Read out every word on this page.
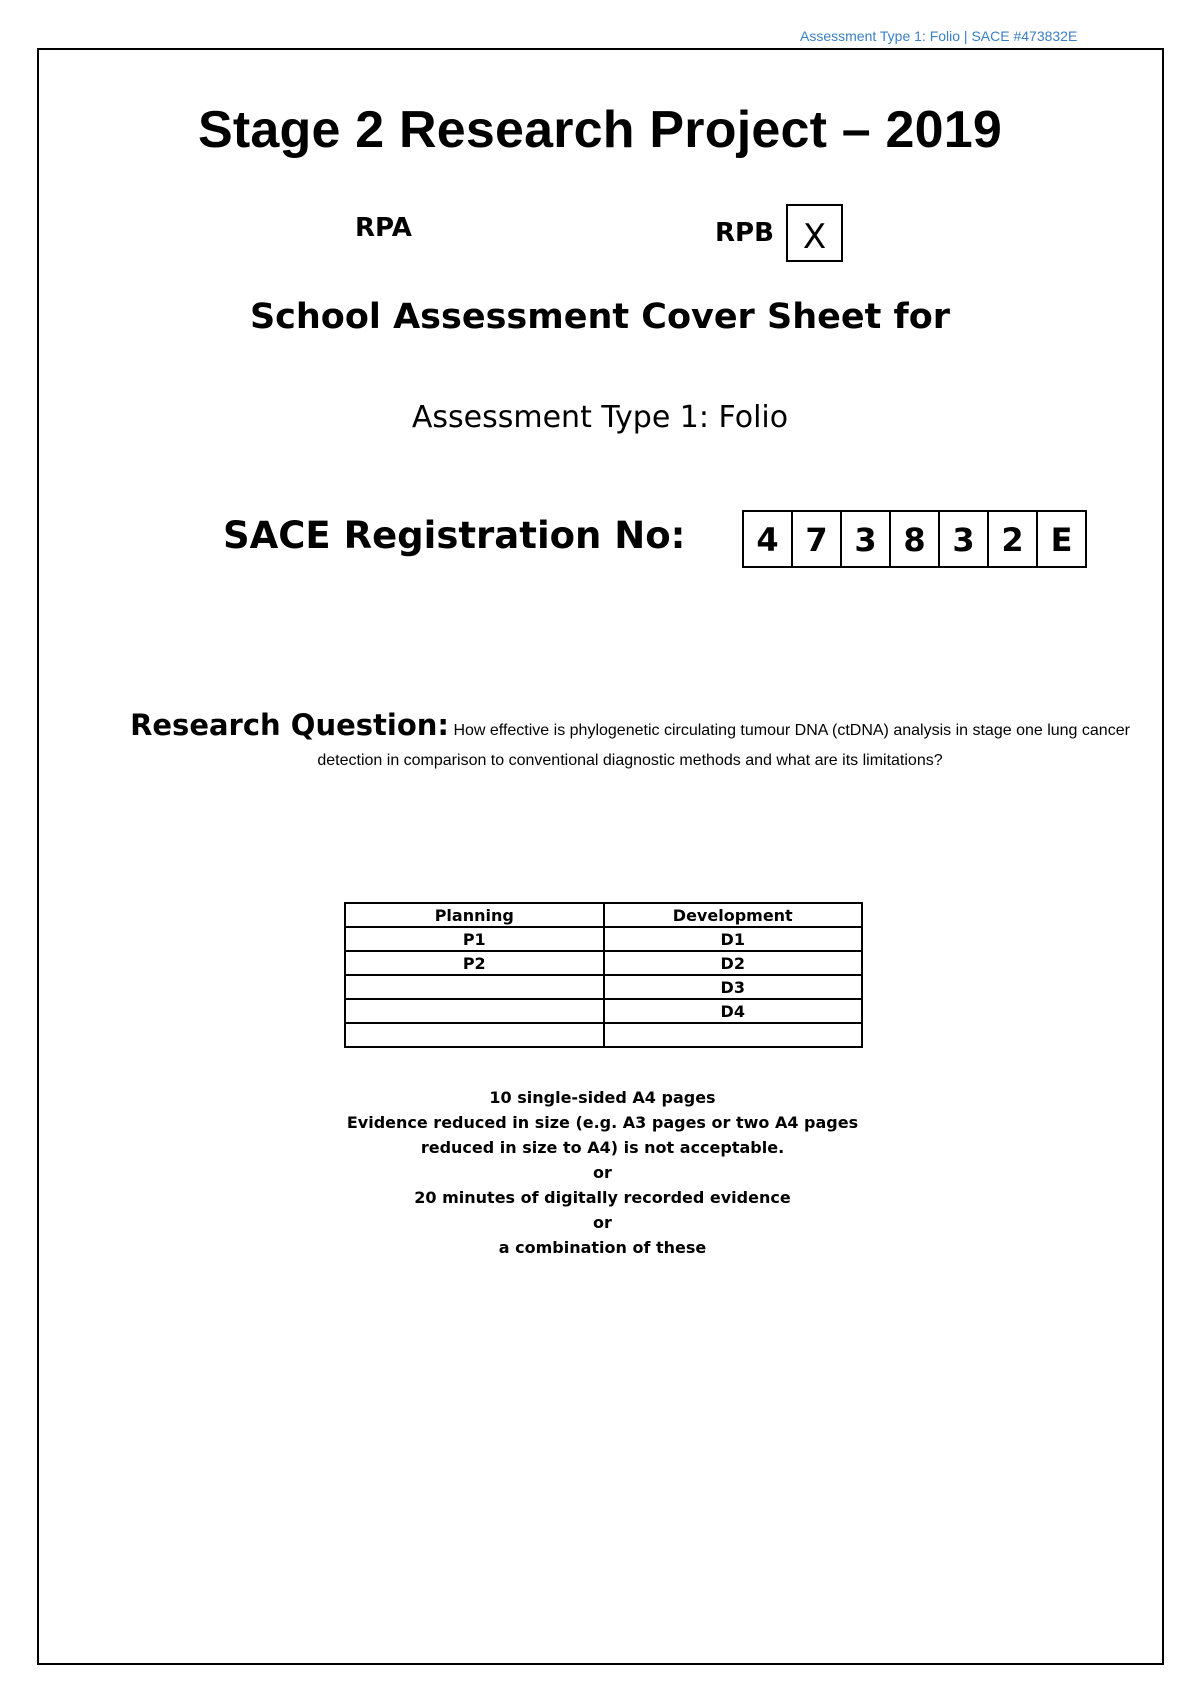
Assessment Type 1: Folio | SACE #473832E
Stage 2 Research Project – 2019
RPA	RPB X
School Assessment Cover Sheet for
Assessment Type 1: Folio
SACE Registration No:	4 7 3 8 3 2 E
Research Question: How effective is phylogenetic circulating tumour DNA (ctDNA) analysis in stage one lung cancer detection in comparison to conventional diagnostic methods and what are its limitations?
Planning	Development
P1	D1
P2	D2
	D3
	D4

10 single-sided A4 pages
Evidence reduced in size (e.g. A3 pages or two A4 pages
reduced in size to A4) is not acceptable.
or
20 minutes of digitally recorded evidence
or
a combination of these
